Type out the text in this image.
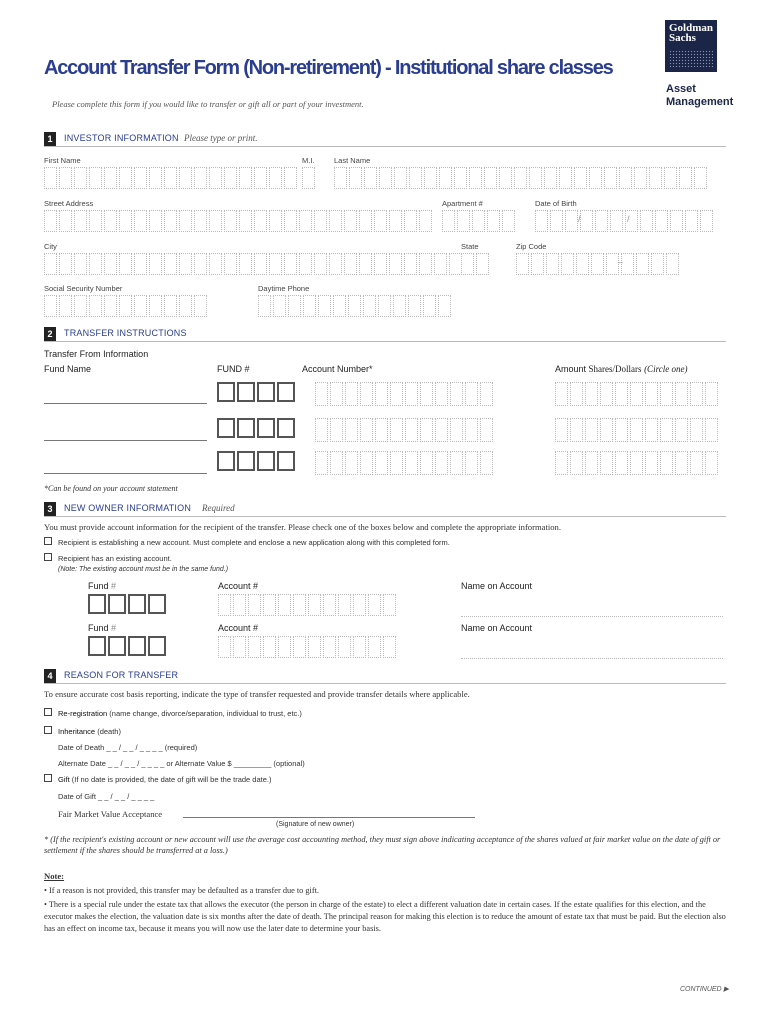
Account Transfer Form (Non-retirement) - Institutional share classes
Please complete this form if you would like to transfer or gift all or part of your investment.
Goldman
Sachs
Asset
Management
1	INVESTOR INFORMATION Please type or print.
First Name	M.I.	Last Name
Street Address	Apartment #	Date of Birth
/	/
City	State	Zip Code
–
Social Security Number	Daytime Phone
2	TRANSFER INSTRUCTIONS
Transfer From Information
Fund Name	FUND #	Account Number*	Amount Shares/Dollars (Circle one)
*Can be found on your account statement
3	NEW OWNER INFORMATION Required
You must provide account information for the recipient of the transfer. Please check one of the boxes below and complete the appropriate information.
Recipient is establishing a new account. Must complete and enclose a new application along with this completed form.
Recipient has an existing account.
(Note: The existing account must be in the same fund.)
Fund #	Account #	Name on Account
Fund #	Account #	Name on Account
4	REASON FOR TRANSFER
To ensure accurate cost basis reporting, indicate the type of transfer requested and provide transfer details where applicable.
Re-registration (name change, divorce/separation, individual to trust, etc.)
Inheritance (death)
Date of Death _ _ / _ _ / _ _ _ _ (required)
Alternate Date _ _ / _ _ / _ _ _ _ or Alternate Value $ _________ (optional)
Gift (If no date is provided, the date of gift will be the trade date.)
Date of Gift _ _ / _ _ / _ _ _ _
Fair Market Value Acceptance
(Signature of new owner)
* (If the recipient's existing account or new account will use the average cost accounting method, they must sign above indicating acceptance of the shares valued at fair market value on the date of gift or settlement if the shares should be transferred at a loss.)
Note:
• If a reason is not provided, this transfer may be defaulted as a transfer due to gift.
• There is a special rule under the estate tax that allows the executor (the person in charge of the estate) to elect a different valuation date in certain cases. If the estate qualifies for this election, and the executor makes the election, the valuation date is six months after the date of death. The principal reason for making this election is to reduce the amount of estate tax that must be paid. But the election also has an effect on income tax, because it means you will now use the later date to determine your basis.
CONTINUED ▶
